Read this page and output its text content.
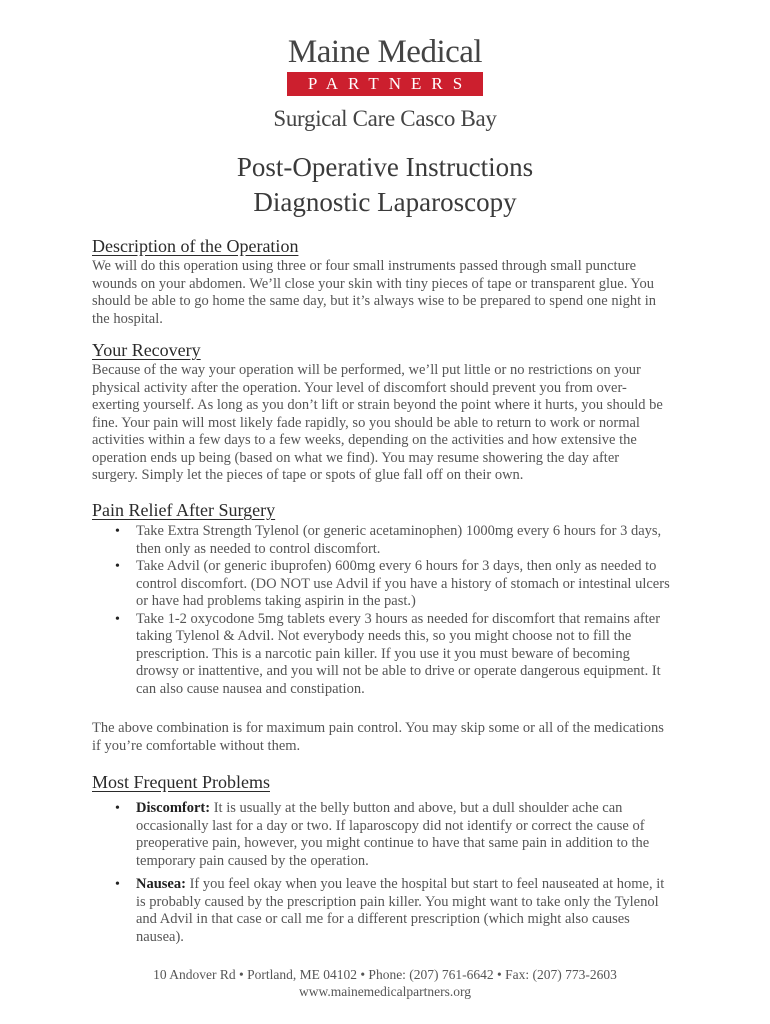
Maine Medical
PARTNERS
Surgical Care Casco Bay
Post-Operative Instructions
Diagnostic Laparoscopy
Description of the Operation

We will do this operation using three or four small instruments passed through small puncture wounds on your abdomen. We’ll close your skin with tiny pieces of tape or transparent glue. You should be able to go home the same day, but it’s always wise to be prepared to spend one night in the hospital.

Your Recovery

Because of the way your operation will be performed, we’ll put little or no restrictions on your physical activity after the operation. Your level of discomfort should prevent you from over-exerting yourself. As long as you don’t lift or strain beyond the point where it hurts, you should be fine. Your pain will most likely fade rapidly, so you should be able to return to work or normal activities within a few days to a few weeks, depending on the activities and how extensive the operation ends up being (based on what we find). You may resume showering the day after surgery. Simply let the pieces of tape or spots of glue fall off on their own.

Pain Relief After Surgery
• Take Extra Strength Tylenol (or generic acetaminophen) 1000mg every 6 hours for 3 days, then only as needed to control discomfort.
• Take Advil (or generic ibuprofen) 600mg every 6 hours for 3 days, then only as needed to control discomfort. (DO NOT use Advil if you have a history of stomach or intestinal ulcers or have had problems taking aspirin in the past.)
• Take 1-2 oxycodone 5mg tablets every 3 hours as needed for discomfort that remains after taking Tylenol & Advil. Not everybody needs this, so you might choose not to fill the prescription. This is a narcotic pain killer. If you use it you must beware of becoming drowsy or inattentive, and you will not be able to drive or operate dangerous equipment. It can also cause nausea and constipation.

The above combination is for maximum pain control. You may skip some or all of the medications if you’re comfortable without them.

Most Frequent Problems
• Discomfort: It is usually at the belly button and above, but a dull shoulder ache can occasionally last for a day or two. If laparoscopy did not identify or correct the cause of preoperative pain, however, you might continue to have that same pain in addition to the temporary pain caused by the operation.
• Nausea: If you feel okay when you leave the hospital but start to feel nauseated at home, it is probably caused by the prescription pain killer. You might want to take only the Tylenol and Advil in that case or call me for a different prescription (which might also causes nausea).
10 Andover Rd • Portland, ME 04102 • Phone: (207) 761-6642 • Fax: (207) 773-2603
www.mainemedicalpartners.org
